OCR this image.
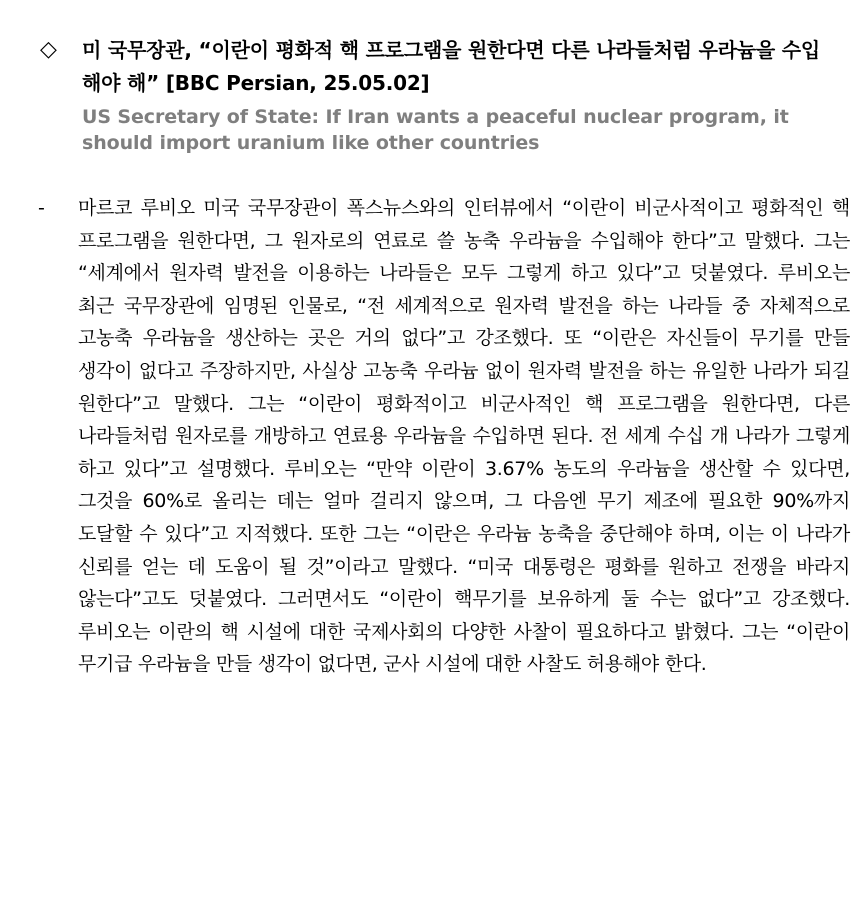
◇ 미 국무장관, “이란이 평화적 핵 프로그램을 원한다면 다른 나라들처럼 우라늄을 수입해야 해” [BBC Persian, 25.05.02]
US Secretary of State: If Iran wants a peaceful nuclear program, it should import uranium like other countries
- 마르코 루비오 미국 국무장관이 폭스뉴스와의 인터뷰에서 “이란이 비군사적이고 평화적인 핵 프로그램을 원한다면, 그 원자로의 연료로 쓸 농축 우라늄을 수입해야 한다”고 말했다. 그는 “세계에서 원자력 발전을 이용하는 나라들은 모두 그렇게 하고 있다”고 덧붙였다. 루비오는 최근 국무장관에 임명된 인물로, “전 세계적으로 원자력 발전을 하는 나라들 중 자체적으로 고농축 우라늄을 생산하는 곳은 거의 없다”고 강조했다. 또 “이란은 자신들이 무기를 만들 생각이 없다고 주장하지만, 사실상 고농축 우라늄 없이 원자력 발전을 하는 유일한 나라가 되길 원한다”고 말했다. 그는 “이란이 평화적이고 비군사적인 핵 프로그램을 원한다면, 다른 나라들처럼 원자로를 개방하고 연료용 우라늄을 수입하면 된다. 전 세계 수십 개 나라가 그렇게 하고 있다”고 설명했다. 루비오는 “만약 이란이 3.67% 농도의 우라늄을 생산할 수 있다면, 그것을 60%로 올리는 데는 얼마 걸리지 않으며, 그 다음엔 무기 제조에 필요한 90%까지 도달할 수 있다”고 지적했다. 또한 그는 “이란은 우라늄 농축을 중단해야 하며, 이는 이 나라가 신뢰를 얻는 데 도움이 될 것”이라고 말했다. “미국 대통령은 평화를 원하고 전쟁을 바라지 않는다”고도 덧붙였다. 그러면서도 “이란이 핵무기를 보유하게 둘 수는 없다”고 강조했다. 루비오는 이란의 핵 시설에 대한 국제사회의 다양한 사찰이 필요하다고 밝혔다. 그는 “이란이 무기급 우라늄을 만들 생각이 없다면, 군사 시설에 대한 사찰도 허용해야 한다.
